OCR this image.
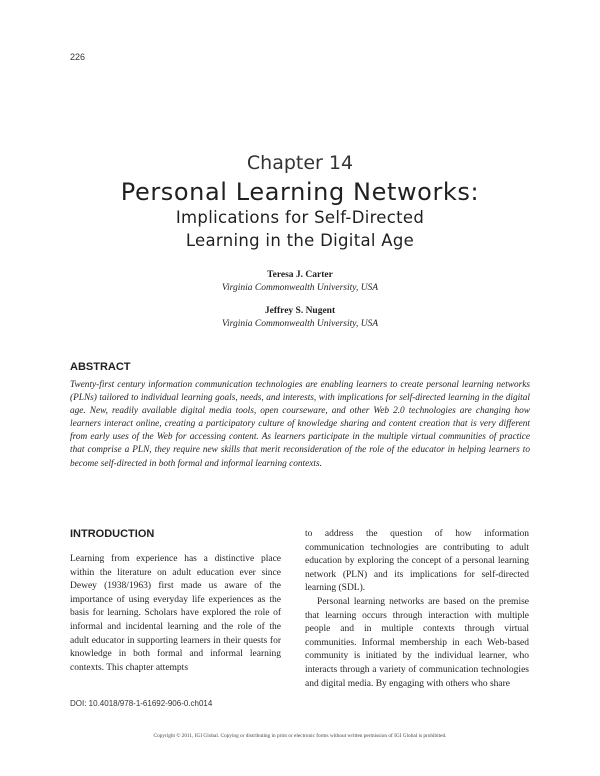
226
Chapter 14
Personal Learning Networks:
Implications for Self-Directed
Learning in the Digital Age
Teresa J. Carter
Virginia Commonwealth University, USA
Jeffrey S. Nugent
Virginia Commonwealth University, USA
ABSTRACT

Twenty-first century information communication technologies are enabling learners to create personal learning networks (PLNs) tailored to individual learning goals, needs, and interests, with implications for self-directed learning in the digital age. New, readily available digital media tools, open courseware, and other Web 2.0 technologies are changing how learners interact online, creating a participatory culture of knowledge sharing and content creation that is very different from early uses of the Web for accessing content. As learners participate in the multiple virtual communities of practice that comprise a PLN, they require new skills that merit reconsideration of the role of the educator in helping learners to become self-directed in both formal and informal learning contexts.

INTRODUCTION

Learning from experience has a distinctive place within the literature on adult education ever since Dewey (1938/1963) first made us aware of the importance of using everyday life experiences as the basis for learning. Scholars have explored the role of informal and incidental learning and the role of the adult educator in supporting learners in their quests for knowledge in both formal and informal learning contexts. This chapter attempts

to address the question of how information communication technologies are contributing to adult education by exploring the concept of a personal learning network (PLN) and its implications for self-directed learning (SDL).

Personal learning networks are based on the premise that learning occurs through interaction with multiple people and in multiple contexts through virtual communities. Informal membership in each Web-based community is initiated by the individual learner, who interacts through a variety of communication technologies and digital media. By engaging with others who share

DOI: 10.4018/978-1-61692-906-0.ch014
Copyright © 2011, IGI Global. Copying or distributing in print or electronic forms without written permission of IGI Global is prohibited.
